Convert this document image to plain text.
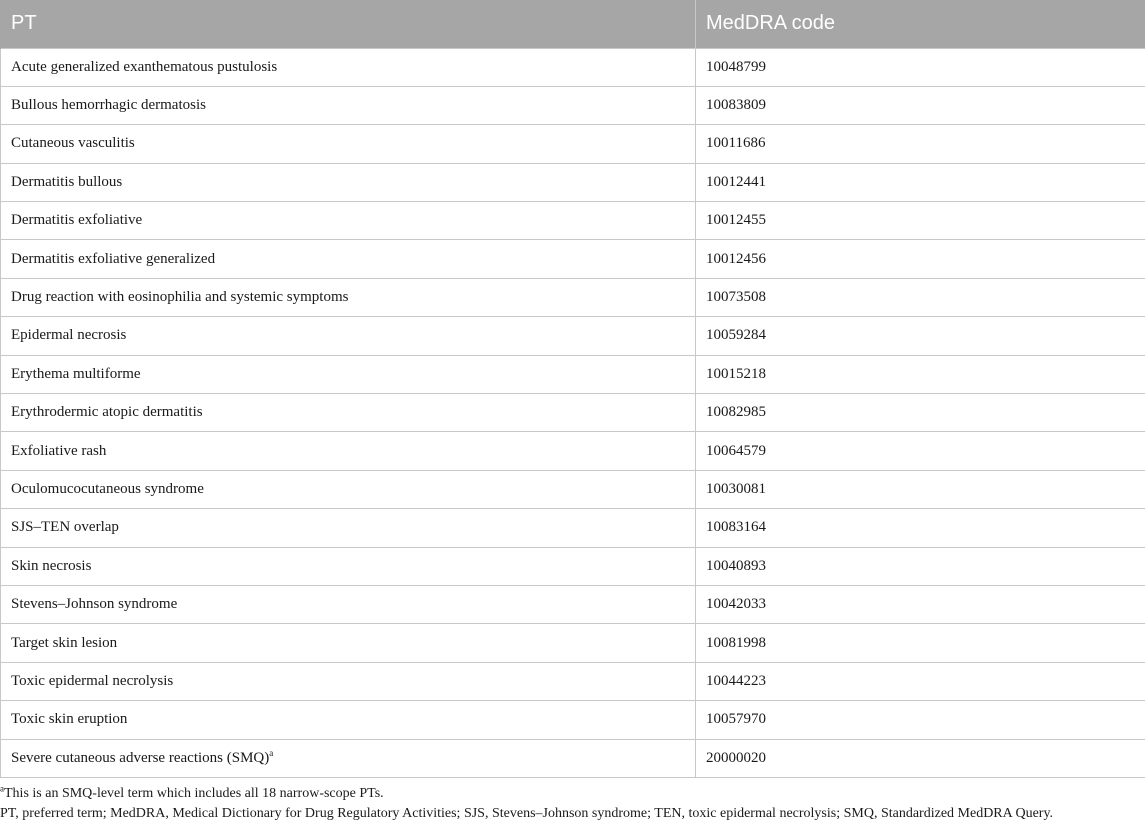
PT	MedDRA code
Acute generalized exanthematous pustulosis	10048799
Bullous hemorrhagic dermatosis	10083809
Cutaneous vasculitis	10011686
Dermatitis bullous	10012441
Dermatitis exfoliative	10012455
Dermatitis exfoliative generalized	10012456
Drug reaction with eosinophilia and systemic symptoms	10073508
Epidermal necrosis	10059284
Erythema multiforme	10015218
Erythrodermic atopic dermatitis	10082985
Exfoliative rash	10064579
Oculomucocutaneous syndrome	10030081
SJS–TEN overlap	10083164
Skin necrosis	10040893
Stevens–Johnson syndrome	10042033
Target skin lesion	10081998
Toxic epidermal necrolysis	10044223
Toxic skin eruption	10057970
Severe cutaneous adverse reactions (SMQ)$^a$	20000020

$^a$This is an SMQ-level term which includes all 18 narrow-scope PTs.

PT, preferred term; MedDRA, Medical Dictionary for Drug Regulatory Activities; SJS, Stevens–Johnson syndrome; TEN, toxic epidermal necrolysis; SMQ, Standardized MedDRA Query.
